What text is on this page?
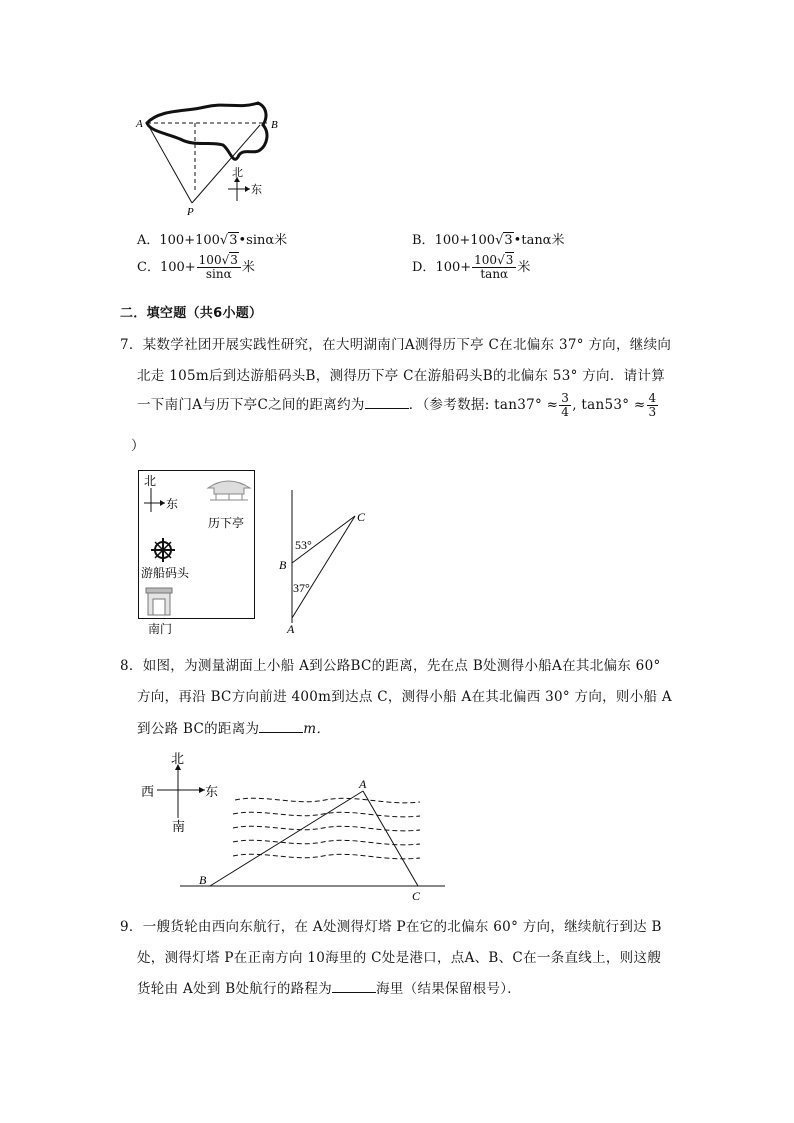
A	B
P
北
东
A．100+100√3•sinα米	B．100+100√3•tanα米
C．$100+ \frac{100√3}{\sin\alpha}$ 米	D．$100+ \frac{100√3}{\tan\alpha}$ 米
二．填空题（共6小题）
7．某数学社团开展实践性研究，在大明湖南门A测得历下亭 C在北偏东 37° 方向，继续向
北走 105m后到达游船码头B，测得历下亭 C在游船码头B的北偏东 53° 方向．请计算
一下南门A与历下亭C之间的距离约为	．（参考数据: $\tan 37^\circ \approx \frac{3}{4}$ , $\tan 53^\circ \approx \frac{4}{3}$
）
北
东
历下亭
游船码头
南门
53°
37°
B
A
C
8．如图，为测量湖面上小船 A到公路BC的距离，先在点 B处测得小船A在其北偏东 60°
方向，再沿 BC方向前进 400m到达点 C，测得小船 A在其北偏西 30° 方向，则小船 A
到公路 BC的距离为	m．
北
西	东
南
A
B
C
9．一艘货轮由西向东航行，在 A处测得灯塔 P在它的北偏东 60° 方向，继续航行到达 B
处，测得灯塔 P在正南方向 10海里的 C处是港口，点A、B、C在一条直线上，则这艘
货轮由 A处到 B处航行的路程为	海里（结果保留根号）．
